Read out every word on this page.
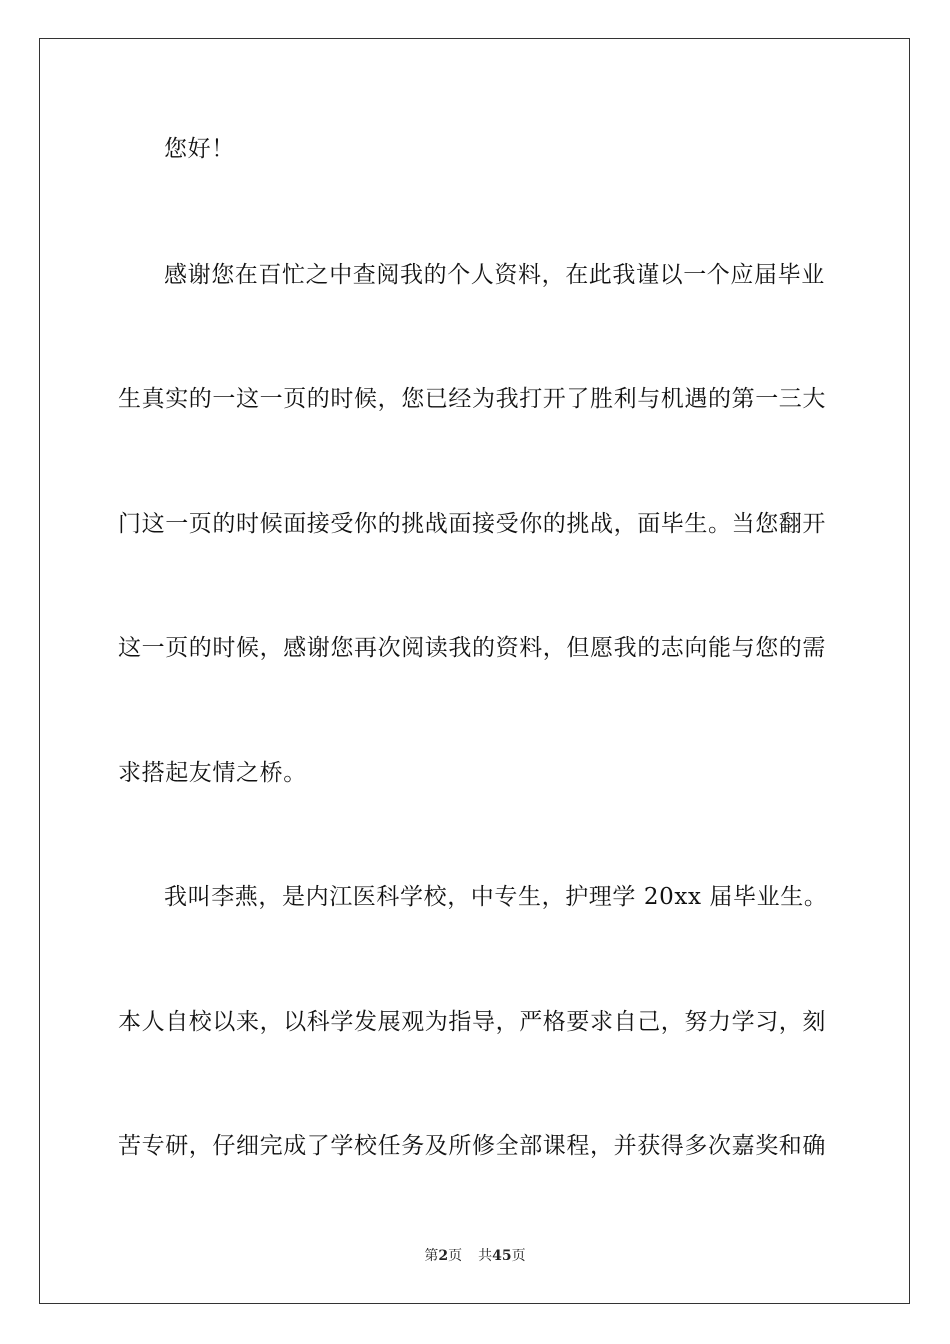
您好！
感谢您在百忙之中查阅我的个人资料，在此我谨以一个应届毕业
生真实的一这一页的时候，您已经为我打开了胜利与机遇的第一三大
门这一页的时候面接受你的挑战面接受你的挑战，面毕生。当您翻开
这一页的时候，感谢您再次阅读我的资料，但愿我的志向能与您的需
求搭起友情之桥。
我叫李燕，是内江医科学校，中专生，护理学 20xx 届毕业生。
本人自校以来，以科学发展观为指导，严格要求自己，努力学习，刻
苦专研，仔细完成了学校任务及所修全部课程，并获得多次嘉奖和确
第2页 共45页
